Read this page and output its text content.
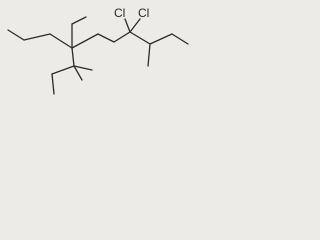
Cl Cl
